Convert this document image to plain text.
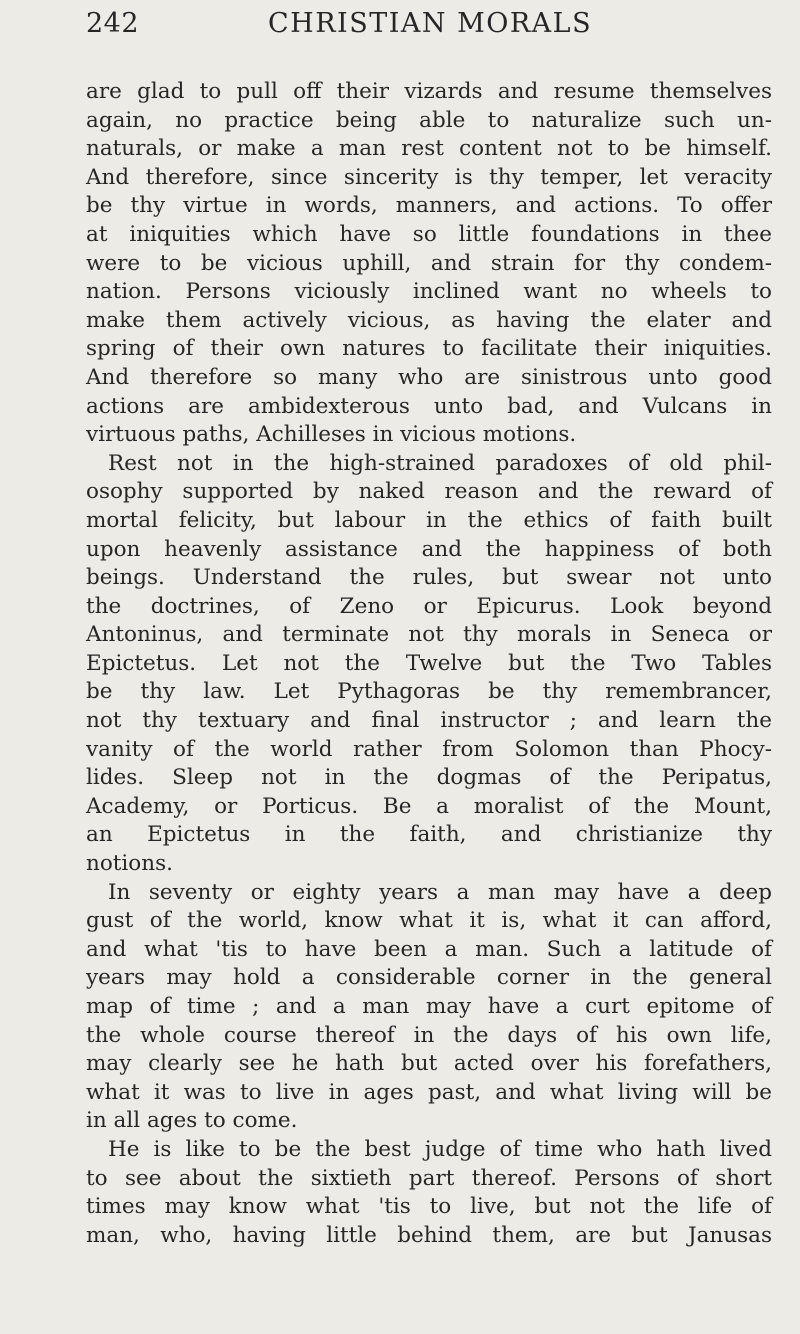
242	CHRISTIAN MORALS
are glad to pull off their vizards and resume themselves
again, no practice being able to naturalize such un-
naturals, or make a man rest content not to be himself.
And therefore, since sincerity is thy temper, let veracity
be thy virtue in words, manners, and actions. To offer
at iniquities which have so little foundations in thee
were to be vicious uphill, and strain for thy condem-
nation. Persons viciously inclined want no wheels to
make them actively vicious, as having the elater and
spring of their own natures to facilitate their iniquities.
And therefore so many who are sinistrous unto good
actions are ambidexterous unto bad, and Vulcans in
virtuous paths, Achilleses in vicious motions.
Rest not in the high-strained paradoxes of old phil-
osophy supported by naked reason and the reward of
mortal felicity, but labour in the ethics of faith built
upon heavenly assistance and the happiness of both
beings. Understand the rules, but swear not unto
the doctrines, of Zeno or Epicurus. Look beyond
Antoninus, and terminate not thy morals in Seneca or
Epictetus. Let not the Twelve but the Two Tables
be thy law. Let Pythagoras be thy remembrancer,
not thy textuary and final instructor ; and learn the
vanity of the world rather from Solomon than Phocy-
lides. Sleep not in the dogmas of the Peripatus,
Academy, or Porticus. Be a moralist of the Mount,
an Epictetus in the faith, and christianize thy
notions.
In seventy or eighty years a man may have a deep
gust of the world, know what it is, what it can afford,
and what 'tis to have been a man. Such a latitude of
years may hold a considerable corner in the general
map of time ; and a man may have a curt epitome of
the whole course thereof in the days of his own life,
may clearly see he hath but acted over his forefathers,
what it was to live in ages past, and what living will be
in all ages to come.
He is like to be the best judge of time who hath lived
to see about the sixtieth part thereof. Persons of short
times may know what 'tis to live, but not the life of
man, who, having little behind them, are but Janusas
